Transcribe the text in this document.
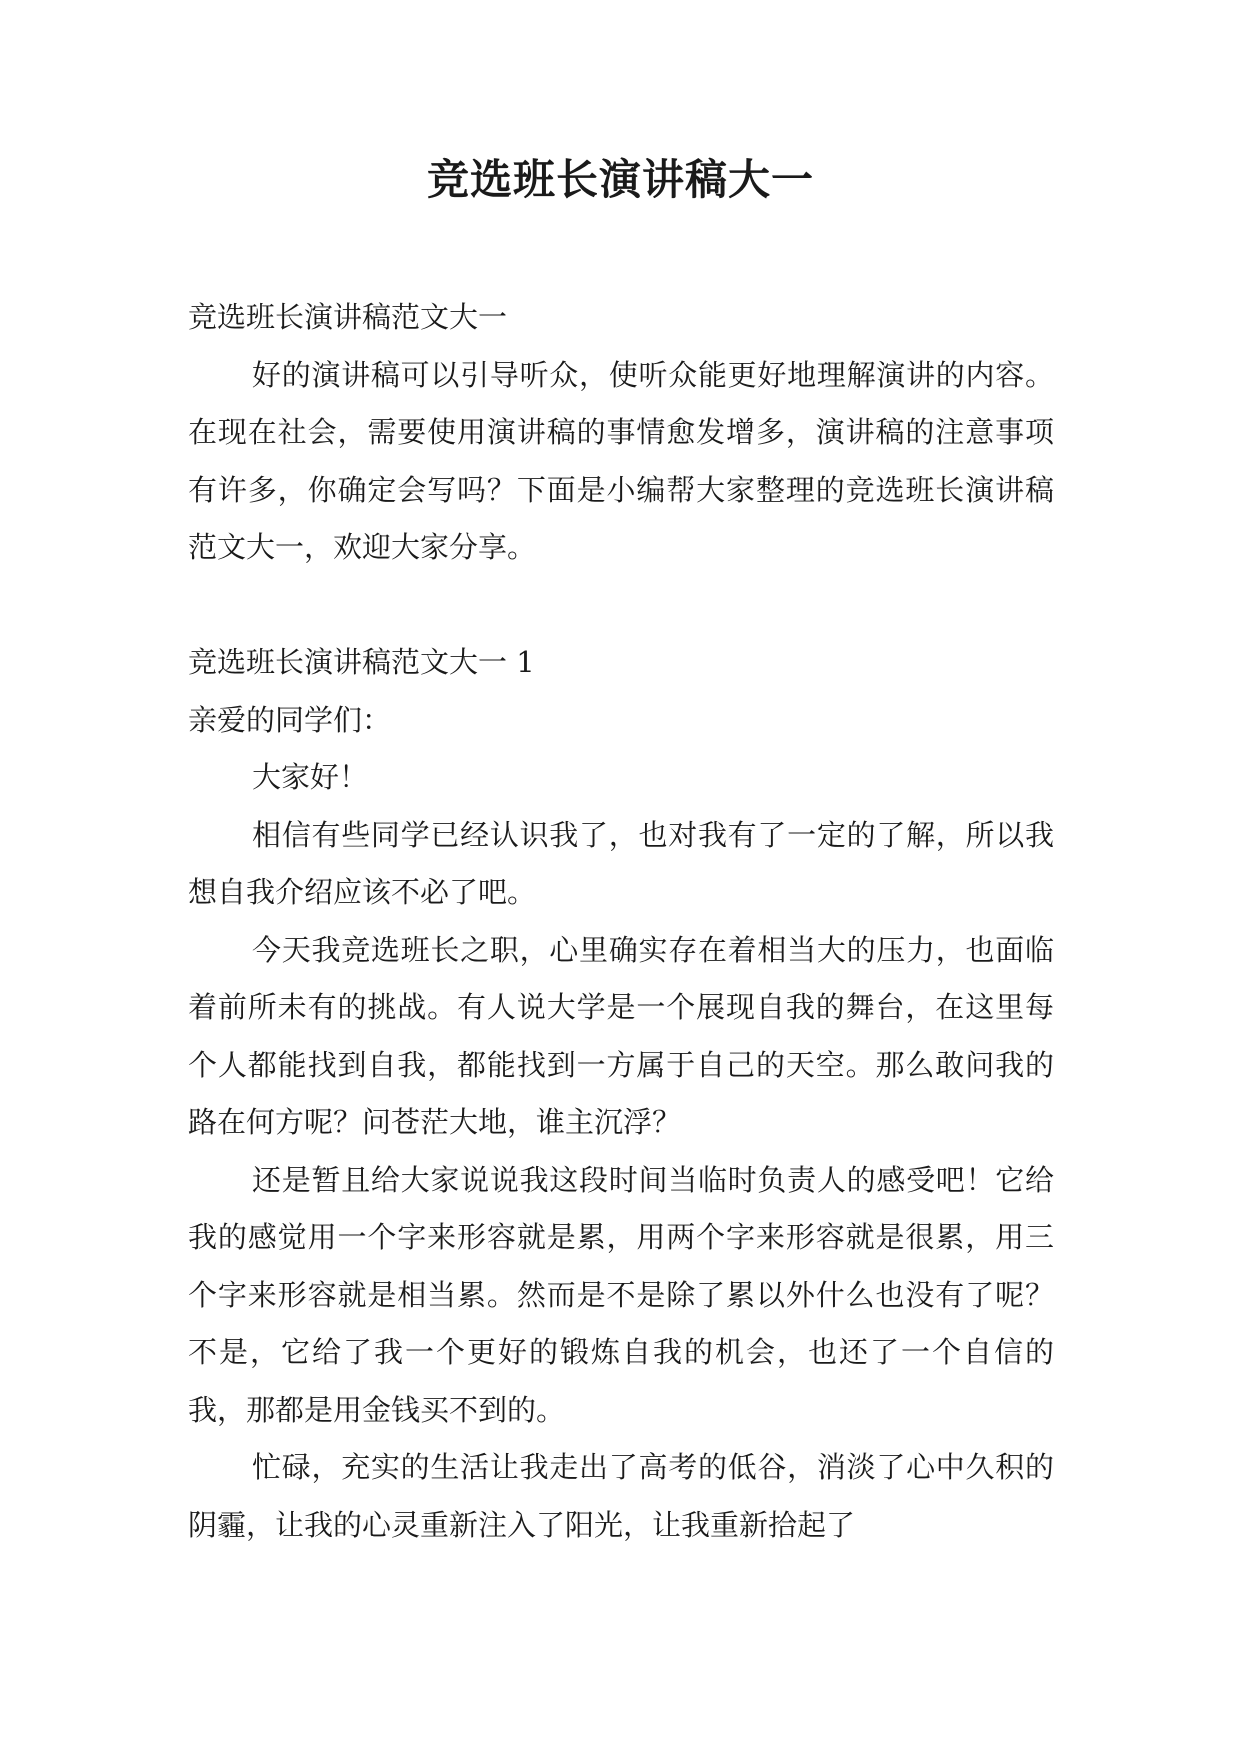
竞选班长演讲稿大一

竞选班长演讲稿范文大一

好的演讲稿可以引导听众，使听众能更好地理解演讲的内容。在现在社会，需要使用演讲稿的事情愈发增多，演讲稿的注意事项有许多，你确定会写吗？下面是小编帮大家整理的竞选班长演讲稿范文大一，欢迎大家分享。

竞选班长演讲稿范文大一 1

亲爱的同学们：

大家好！

相信有些同学已经认识我了，也对我有了一定的了解，所以我想自我介绍应该不必了吧。

今天我竞选班长之职，心里确实存在着相当大的压力，也面临着前所未有的挑战。有人说大学是一个展现自我的舞台，在这里每个人都能找到自我，都能找到一方属于自己的天空。那么敢问我的路在何方呢？问苍茫大地，谁主沉浮？

还是暂且给大家说说我这段时间当临时负责人的感受吧！它给我的感觉用一个字来形容就是累，用两个字来形容就是很累，用三个字来形容就是相当累。然而是不是除了累以外什么也没有了呢？不是，它给了我一个更好的锻炼自我的机会，也还了一个自信的我，那都是用金钱买不到的。

忙碌，充实的生活让我走出了高考的低谷，消淡了心中久积的阴霾，让我的心灵重新注入了阳光，让我重新拾起了
